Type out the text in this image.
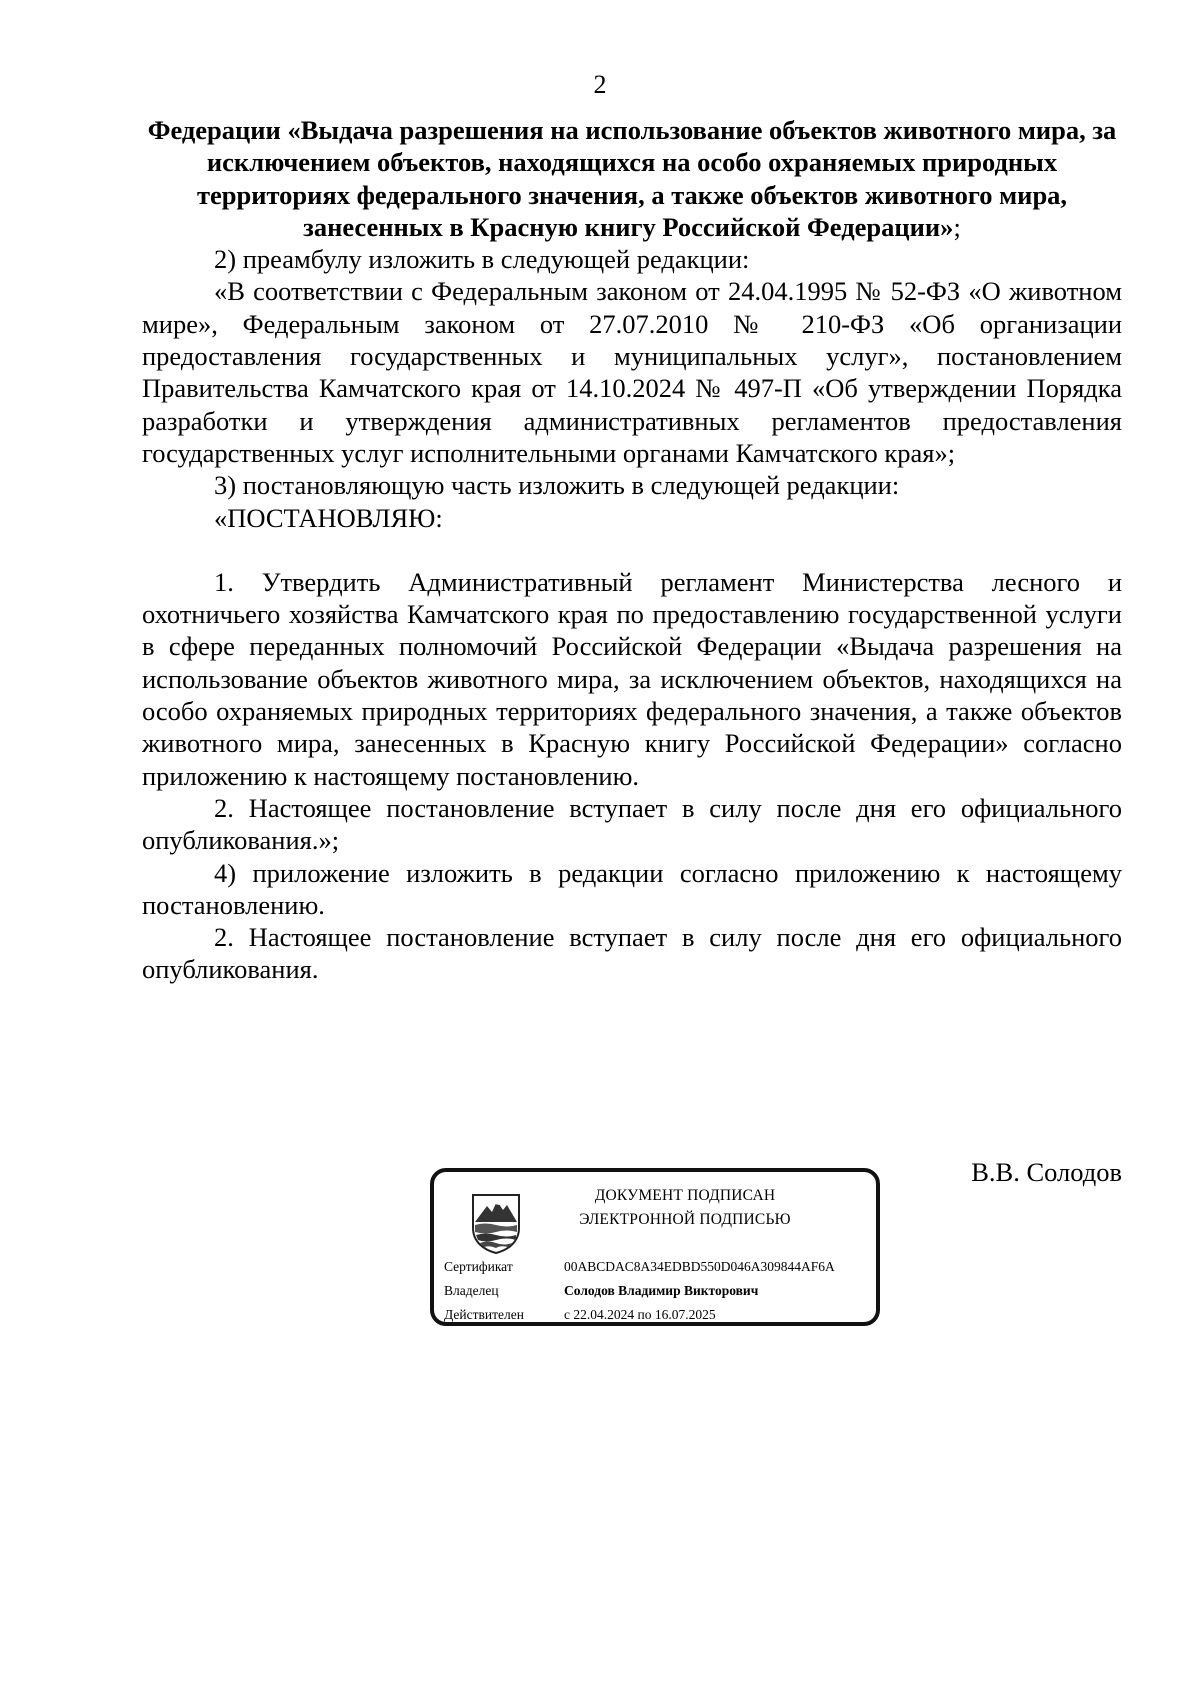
2

Федерации «Выдача разрешения на использование объектов животного мира, за исключением объектов, находящихся на особо охраняемых природных территориях федерального значения, а также объектов животного мира, занесенных в Красную книгу Российской Федерации»;

2) преамбулу изложить в следующей редакции:

«В соответствии с Федеральным законом от 24.04.1995 № 52-ФЗ «О животном мире», Федеральным законом от 27.07.2010 № 210-ФЗ «Об организации предоставления государственных и муниципальных услуг», постановлением Правительства Камчатского края от 14.10.2024 № 497-П «Об утверждении Порядка разработки и утверждения административных регламентов предоставления государственных услуг исполнительными органами Камчатского края»;

3) постановляющую часть изложить в следующей редакции:

«ПОСТАНОВЛЯЮ:

1. Утвердить Административный регламент Министерства лесного и охотничьего хозяйства Камчатского края по предоставлению государственной услуги в сфере переданных полномочий Российской Федерации «Выдача разрешения на использование объектов животного мира, за исключением объектов, находящихся на особо охраняемых природных территориях федерального значения, а также объектов животного мира, занесенных в Красную книгу Российской Федерации» согласно приложению к настоящему постановлению.

2. Настоящее постановление вступает в силу после дня его официального опубликования.»;

4) приложение изложить в редакции согласно приложению к настоящему постановлению.

2. Настоящее постановление вступает в силу после дня его официального опубликования.

В.В. Солодов
ДОКУМЕНТ ПОДПИСАН
ЭЛЕКТРОННОЙ ПОДПИСЬЮ
Сертификат	00ABCDAC8A34EDBD550D046A309844AF6A
Владелец	Солодов Владимир Викторович
Действителен	с 22.04.2024 по 16.07.2025
